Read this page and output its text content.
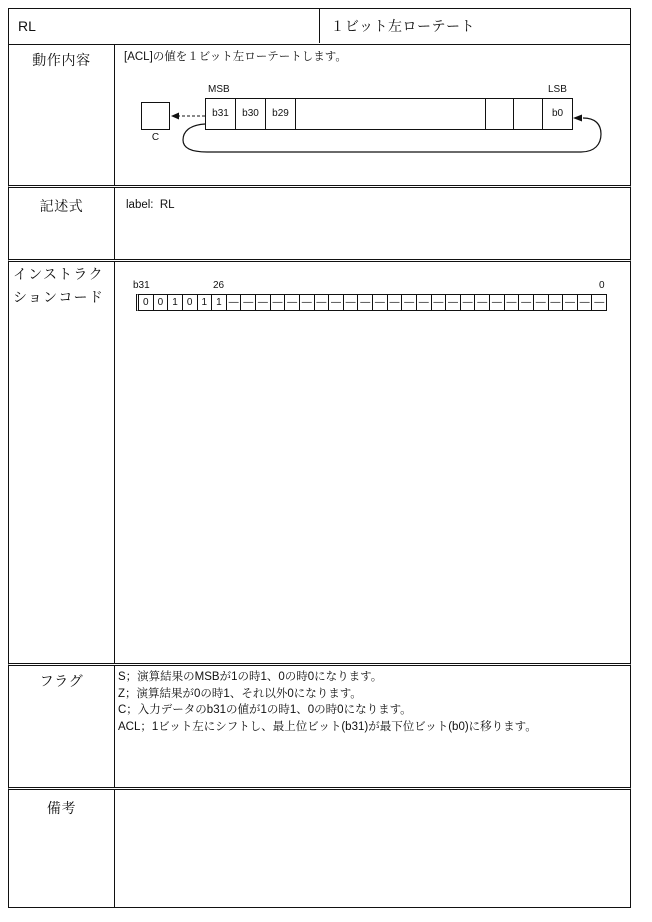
RL	１ビット左ローテート
動作内容	[ACL]の値を１ビット左ローテートします。
MSB	LSB
b31	b30	b29	b0
C
記述式	label:  RL
インストラク
ションコード
b31	26	0
0 0 1 0 1 1 — — — — — — — — — — — — — — — — — — — — — — — — — —
フラグ	S；演算結果のMSBが1の時1、0の時0になります。
Z；演算結果が0の時1、それ以外0になります。
C；入力データのb31の値が1の時1、0の時0になります。
ACL；1ビット左にシフトし、最上位ビット(b31)が最下位ビット(b0)に移ります。
備考
